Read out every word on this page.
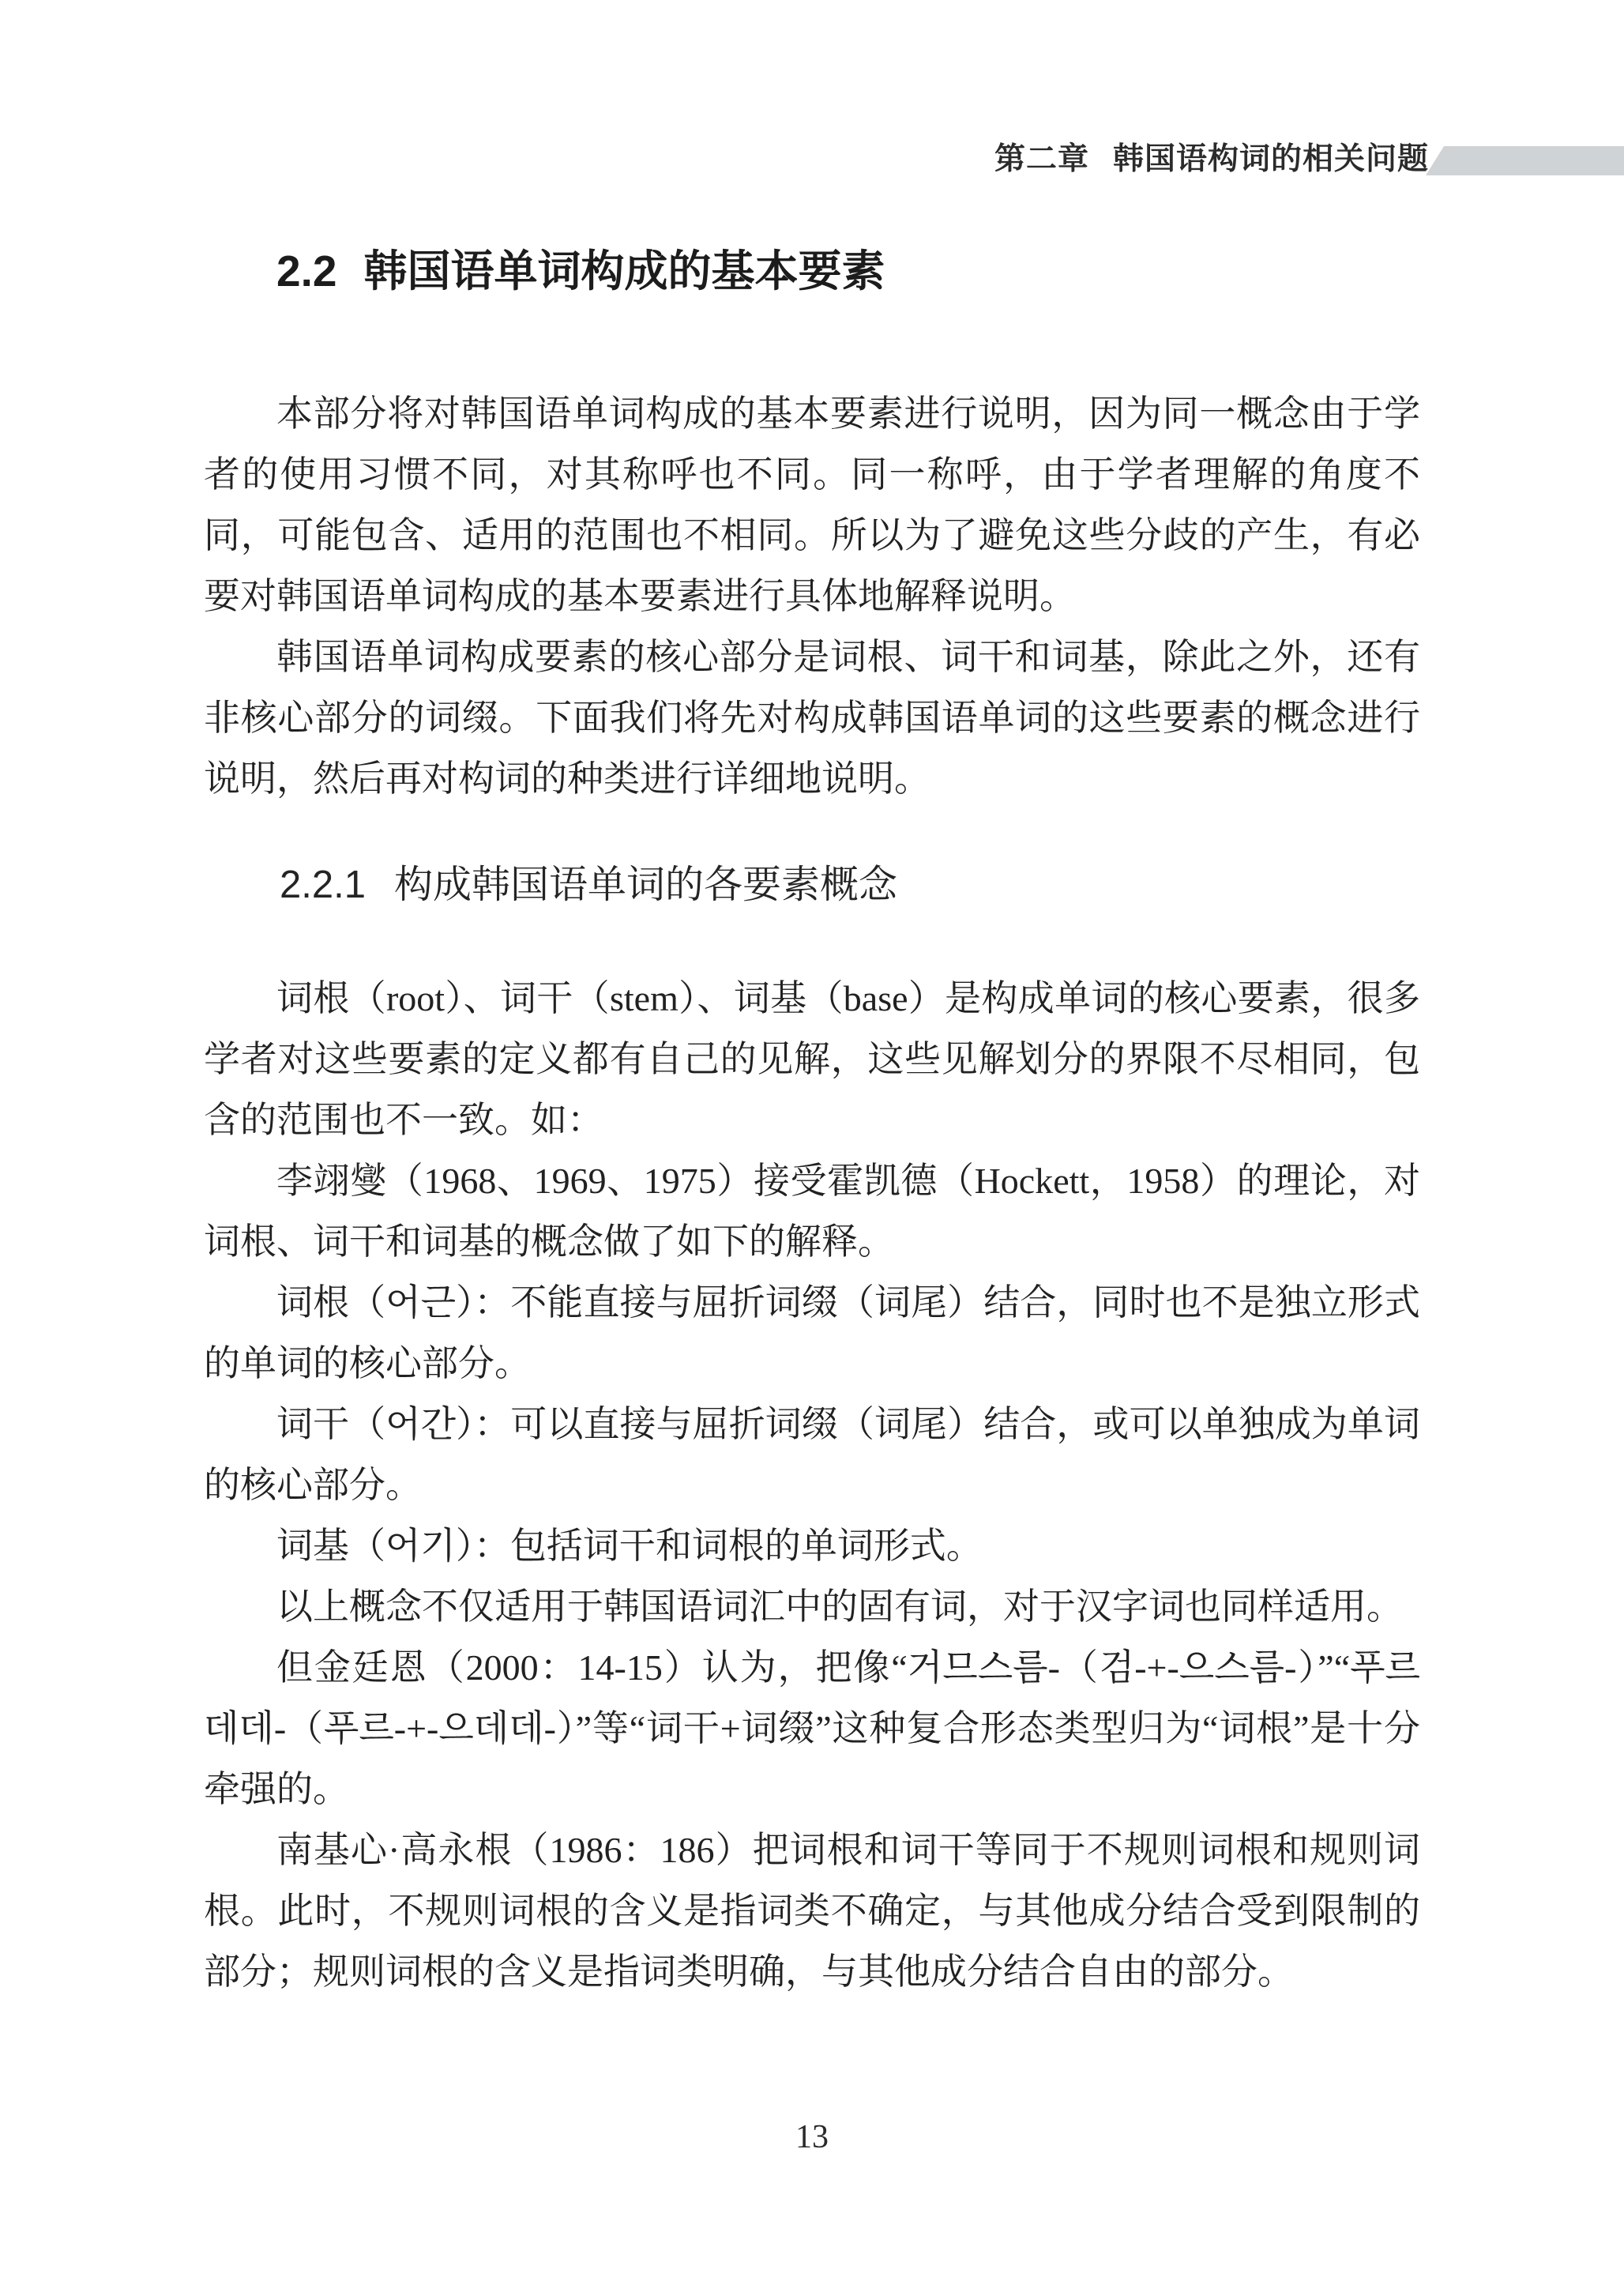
第二章 韩国语构词的相关问题
2.2 韩国语单词构成的基本要素

本部分将对韩国语单词构成的基本要素进行说明，因为同一概念由于学者的使用习惯不同，对其称呼也不同。同一称呼，由于学者理解的角度不同，可能包含、适用的范围也不相同。所以为了避免这些分歧的产生，有必要对韩国语单词构成的基本要素进行具体地解释说明。

韩国语单词构成要素的核心部分是词根、词干和词基，除此之外，还有非核心部分的词缀。下面我们将先对构成韩国语单词的这些要素的概念进行说明，然后再对构词的种类进行详细地说明。

2.2.1 构成韩国语单词的各要素概念

词根（root）、词干（stem）、词基（base）是构成单词的核心要素，很多学者对这些要素的定义都有自己的见解，这些见解划分的界限不尽相同，包含的范围也不一致。如：

李翊燮（1968、1969、1975）接受霍凯德（Hockett，1958）的理论，对词根、词干和词基的概念做了如下的解释。

词根（어근）：不能直接与屈折词缀（词尾）结合，同时也不是独立形式的单词的核心部分。

词干（어간）：可以直接与屈折词缀（词尾）结合，或可以单独成为单词的核心部分。

词基（어기）：包括词干和词根的单词形式。

以上概念不仅适用于韩国语词汇中的固有词，对于汉字词也同样适用。

但金廷恩（2000：14-15）认为，把像“거므스름-（검-+-으스름-）”“푸르데데-（푸르-+-으데데-）”等“词干+词缀”这种复合形态类型归为“词根”是十分牵强的。

南基心·高永根（1986：186）把词根和词干等同于不规则词根和规则词根。此时，不规则词根的含义是指词类不确定，与其他成分结合受到限制的部分；规则词根的含义是指词类明确，与其他成分结合自由的部分。

13
